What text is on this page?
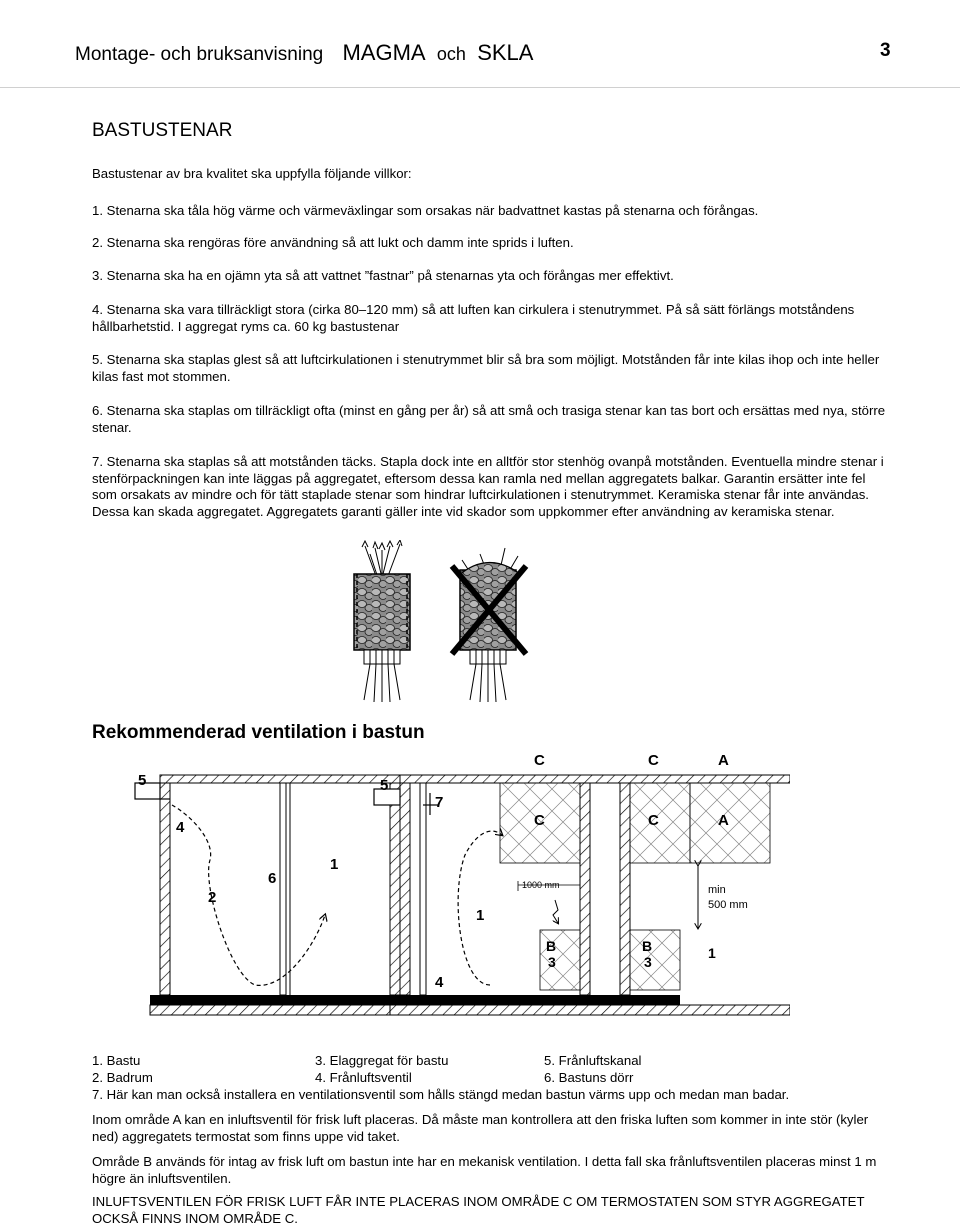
Montage- och bruksanvisning MAGMA och SKLA	3
BASTUSTENAR
Bastustenar av bra kvalitet ska uppfylla följande villkor:
1. Stenarna ska tåla hög värme och värmeväxlingar som orsakas när badvattnet kastas på stenarna och förångas.
2. Stenarna ska rengöras före användning så att lukt och damm inte sprids i luften.
3. Stenarna ska ha en ojämn yta så att vattnet ”fastnar” på stenarnas yta och förångas mer effektivt.
4. Stenarna ska vara tillräckligt stora (cirka 80–120 mm) så att luften kan cirkulera i stenutrymmet. På så sätt förlängs motståndens hållbarhetstid. I aggregat ryms ca. 60 kg bastustenar
5. Stenarna ska staplas glest så att luftcirkulationen i stenutrymmet blir så bra som möjligt. Motstånden får inte kilas ihop och inte heller kilas fast mot stommen.
6. Stenarna ska staplas om tillräckligt ofta (minst en gång per år) så att små och trasiga stenar kan tas bort och ersättas med nya, större stenar.
7. Stenarna ska staplas så att motstånden täcks. Stapla dock inte en alltför stor stenhög ovanpå motstånden. Eventuella mindre stenar i stenförpackningen kan inte läggas på aggregatet, eftersom dessa kan ramla ned mellan aggregatets balkar. Garantin ersätter inte fel som orsakats av mindre och för tätt staplade stenar som hindrar luftcirkulationen i stenutrymmet. Keramiska stenar får inte användas. Dessa kan skada aggregatet. Aggregatets garanti gäller inte vid skador som uppkommer efter användning av keramiska stenar.
Rekommenderad ventilation i bastun
5
4
2
6
1
5
7
1
4
C	C	A
C	C	A
1000 mm	min
500 mm
B
3
B
3
1
1. Bastu
2. Badrum
3. Elaggregat för bastu
4. Frånluftsventil
5. Frånluftskanal
6. Bastuns dörr
7. Här kan man också installera en ventilationsventil som hålls stängd medan bastun värms upp och medan man badar.
Inom område A kan en inluftsventil för frisk luft placeras. Då måste man kontrollera att den friska luften som kommer in inte stör (kyler ned) aggregatets termostat som finns uppe vid taket.
Område B används för intag av frisk luft om bastun inte har en mekanisk ventilation. I detta fall ska frånluftsventilen placeras minst 1 m högre än inluftsventilen.
INLUFTSVENTILEN FÖR FRISK LUFT FÅR INTE PLACERAS INOM OMRÅDE C OM TERMOSTATEN SOM STYR AGGREGATET OCKSÅ FINNS INOM OMRÅDE C.
